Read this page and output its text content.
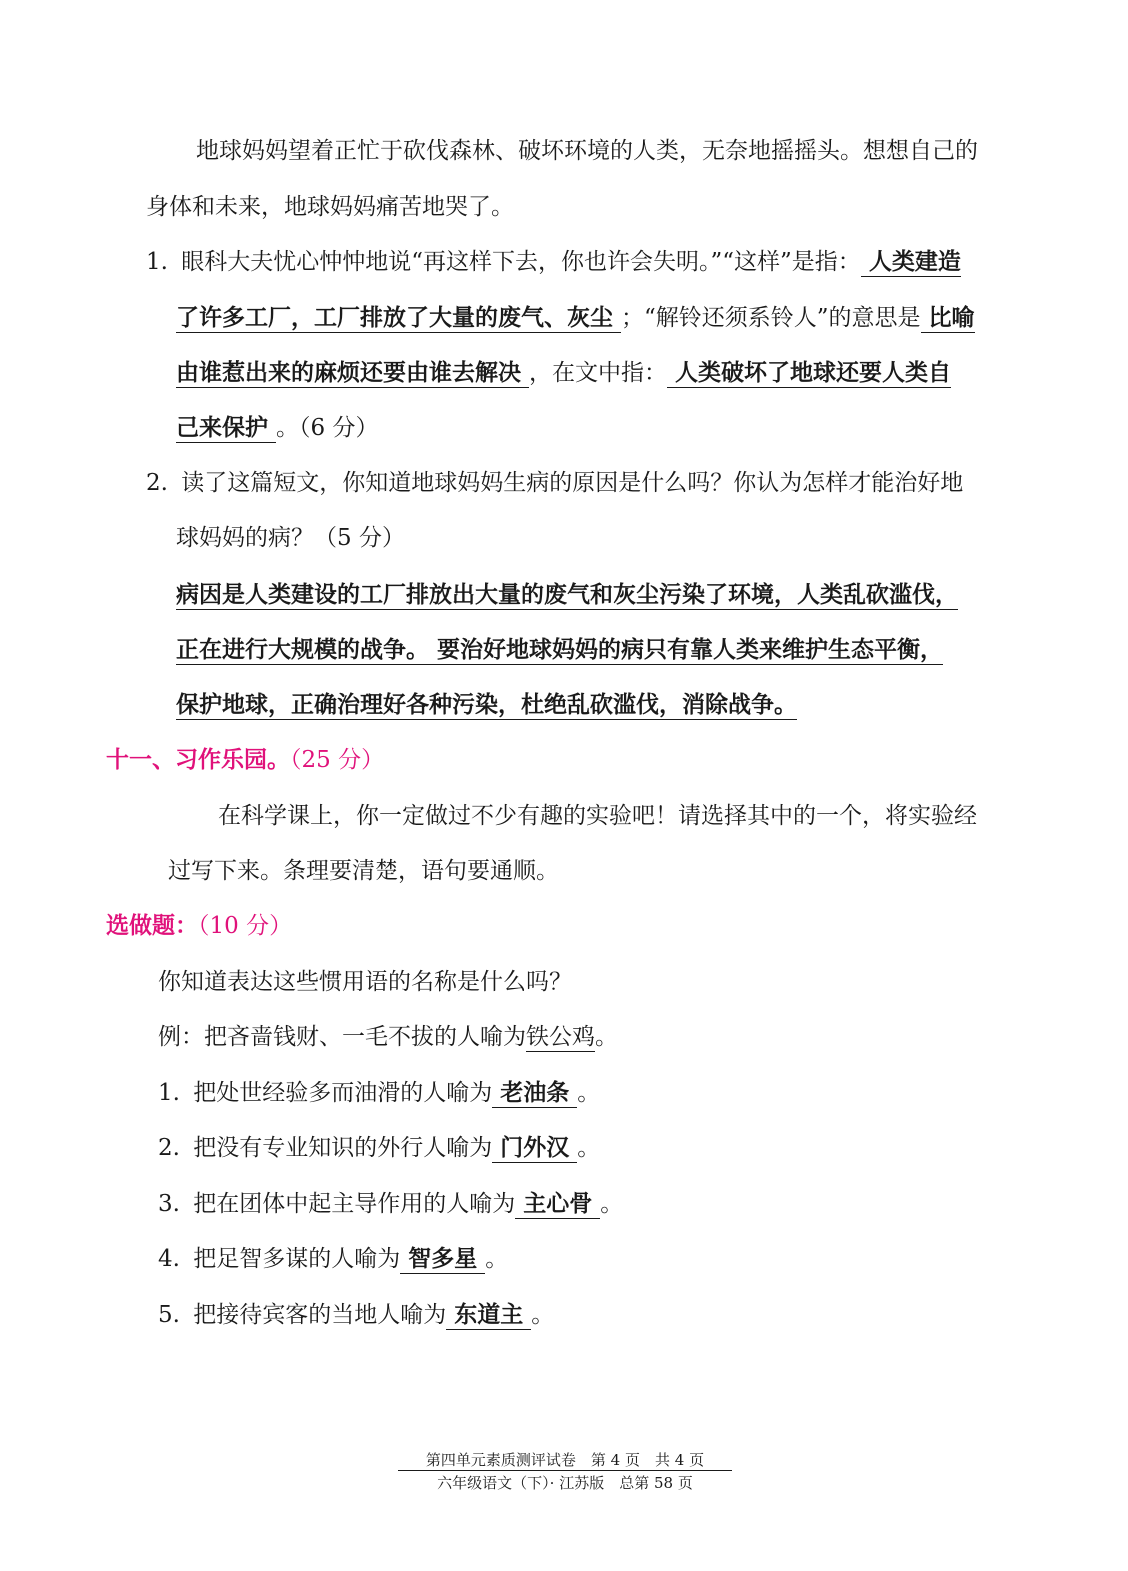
地球妈妈望着正忙于砍伐森林、破坏环境的人类，无奈地摇摇头。想想自己的
身体和未来，地球妈妈痛苦地哭了。
1. 眼科大夫忧心忡忡地说“再这样下去，你也许会失明。”“这样”是指： 人类建造
了许多工厂，工厂排放了大量的废气、灰尘 ；“解铃还须系铃人”的意思是 比喻
由谁惹出来的麻烦还要由谁去解决 ，在文中指： 人类破坏了地球还要人类自
己来保护 。（6 分）
2. 读了这篇短文，你知道地球妈妈生病的原因是什么吗？你认为怎样才能治好地
球妈妈的病？（5 分）
病因是人类建设的工厂排放出大量的废气和灰尘污染了环境，人类乱砍滥伐，
正在进行大规模的战争。 要治好地球妈妈的病只有靠人类来维护生态平衡，
保护地球，正确治理好各种污染，杜绝乱砍滥伐，消除战争。
十一、习作乐园。（25 分）
在科学课上，你一定做过不少有趣的实验吧！请选择其中的一个，将实验经
过写下来。条理要清楚，语句要通顺。
选做题：（10 分）
你知道表达这些惯用语的名称是什么吗？
例：把吝啬钱财、一毛不拔的人喻为铁公鸡。
1. 把处世经验多而油滑的人喻为 老油条 。
2. 把没有专业知识的外行人喻为 门外汉 。
3. 把在团体中起主导作用的人喻为 主心骨 。
4. 把足智多谋的人喻为 智多星 。
5. 把接待宾客的当地人喻为 东道主 。
第四单元素质测评试卷　第 4 页　共 4 页
六年级语文（下）· 江苏版　总第 58 页
